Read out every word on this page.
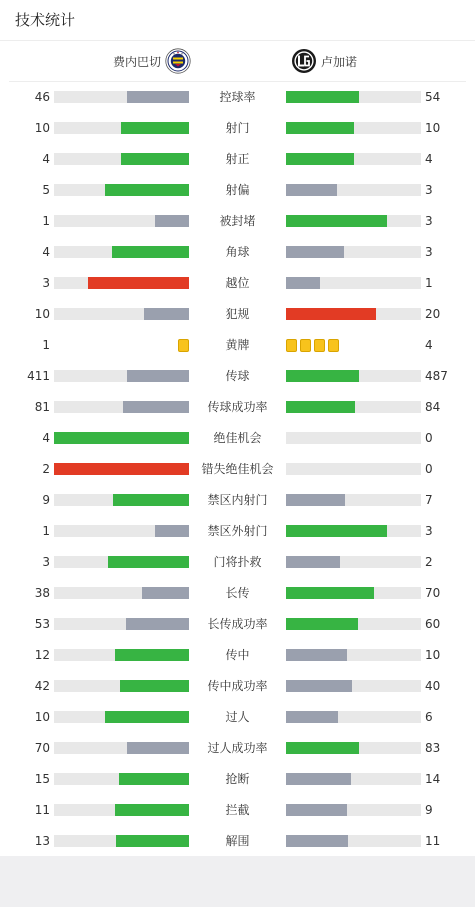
技术统计
费内巴切	卢加诺
46	控球率	54
10	射门	10
4	射正	4
5	射偏	3
1	被封堵	3
4	角球	3
3	越位	1
10	犯规	20
1	黄牌	4
411	传球	487
81	传球成功率	84
4	绝佳机会	0
2	错失绝佳机会	0
9	禁区内射门	7
1	禁区外射门	3
3	门将扑救	2
38	长传	70
53	长传成功率	60
12	传中	10
42	传中成功率	40
10	过人	6
70	过人成功率	83
15	抢断	14
11	拦截	9
13	解围	11
